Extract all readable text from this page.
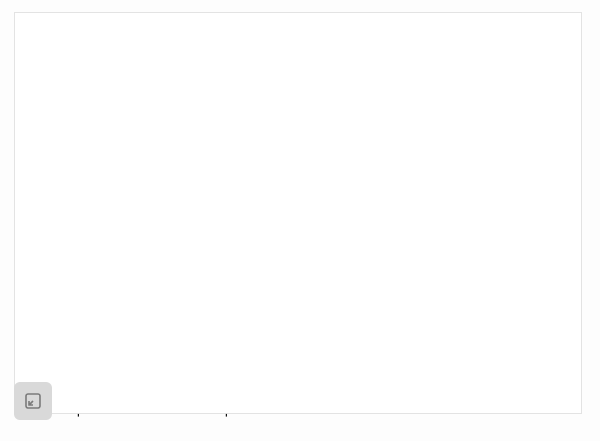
-	-
